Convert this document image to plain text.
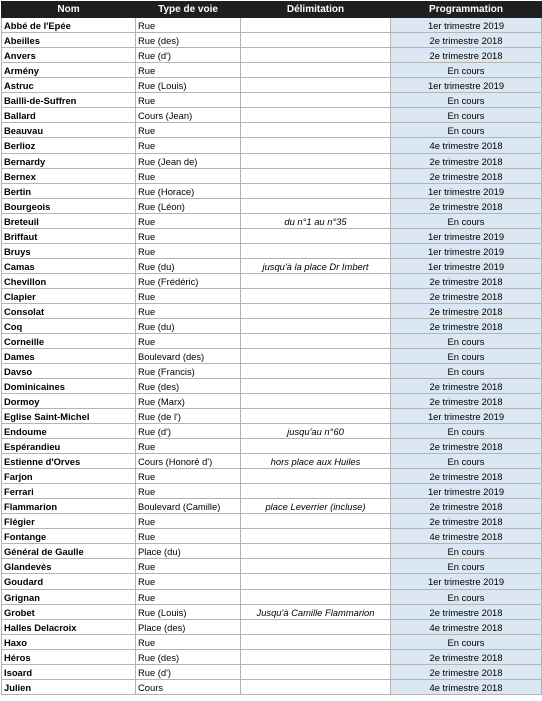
Nom	Type de voie	Délimitation	Programmation
Abbé de l'Epée	Rue		1er trimestre 2019
Abeilles	Rue (des)		2e trimestre 2018
Anvers	Rue (d')		2e trimestre 2018
Armény	Rue		En cours
Astruc	Rue (Louis)		1er trimestre 2019
Bailli-de-Suffren	Rue		En cours
Ballard	Cours (Jean)		En cours
Beauvau	Rue		En cours
Berlioz	Rue		4e trimestre 2018
Bernardy	Rue (Jean de)		2e trimestre 2018
Bernex	Rue		2e trimestre 2018
Bertin	Rue (Horace)		1er trimestre 2019
Bourgeois	Rue (Léon)		2e trimestre 2018
Breteuil	Rue	du n°1 au n°35	En cours
Briffaut	Rue		1er trimestre 2019
Bruys	Rue		1er trimestre 2019
Camas	Rue (du)	jusqu'à la place Dr Imbert	1er trimestre 2019
Chevillon	Rue (Frédéric)		2e trimestre 2018
Clapier	Rue		2e trimestre 2018
Consolat	Rue		2e trimestre 2018
Coq	Rue (du)		2e trimestre 2018
Corneille	Rue		En cours
Dames	Boulevard (des)		En cours
Davso	Rue (Francis)		En cours
Dominicaines	Rue (des)		2e trimestre 2018
Dormoy	Rue (Marx)		2e trimestre 2018
Eglise Saint-Michel	Rue (de l')		1er trimestre 2019
Endoume	Rue (d')	jusqu'au n°60	En cours
Espérandieu	Rue		2e trimestre 2018
Estienne d'Orves	Cours (Honoré d')	hors place aux Huiles	En cours
Farjon	Rue		2e trimestre 2018
Ferrari	Rue		1er trimestre 2019
Flammarion	Boulevard (Camille)	place Leverrier (incluse)	2e trimestre 2018
Flégier	Rue		2e trimestre 2018
Fontange	Rue		4e trimestre 2018
Général de Gaulle	Place (du)		En cours
Glandevès	Rue		En cours
Goudard	Rue		1er trimestre 2019
Grignan	Rue		En cours
Grobet	Rue (Louis)	Jusqu'à Camille Flammarion	2e trimestre 2018
Halles Delacroix	Place (des)		4e trimestre 2018
Haxo	Rue		En cours
Héros	Rue (des)		2e trimestre 2018
Isoard	Rue (d')		2e trimestre 2018
Julien	Cours		4e trimestre 2018
